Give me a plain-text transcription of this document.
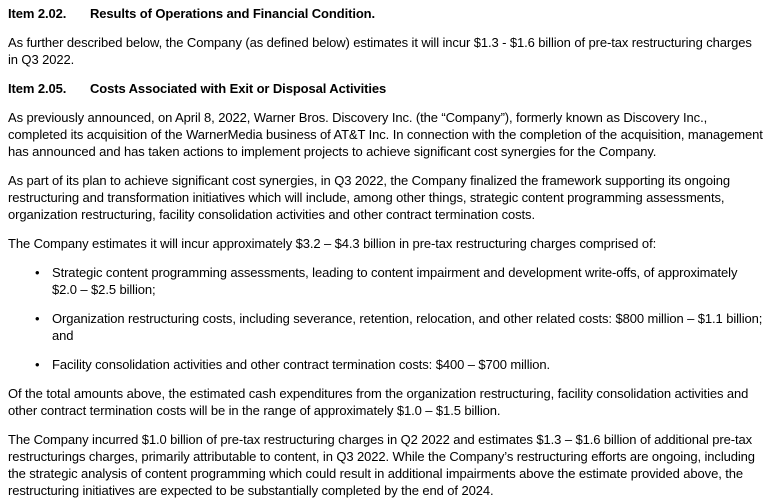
Item 2.02. Results of Operations and Financial Condition.

As further described below, the Company (as defined below) estimates it will incur $1.3 - $1.6 billion of pre-tax restructuring charges in Q3 2022.

Item 2.05. Costs Associated with Exit or Disposal Activities

As previously announced, on April 8, 2022, Warner Bros. Discovery Inc. (the “Company”), formerly known as Discovery Inc., completed its acquisition of the WarnerMedia business of AT&T Inc. In connection with the completion of the acquisition, management has announced and has taken actions to implement projects to achieve significant cost synergies for the Company.

As part of its plan to achieve significant cost synergies, in Q3 2022, the Company finalized the framework supporting its ongoing restructuring and transformation initiatives which will include, among other things, strategic content programming assessments, organization restructuring, facility consolidation activities and other contract termination costs.

The Company estimates it will incur approximately $3.2 – $4.3 billion in pre-tax restructuring charges comprised of:

• Strategic content programming assessments, leading to content impairment and development write-offs, of approximately $2.0 – $2.5 billion;
• Organization restructuring costs, including severance, retention, relocation, and other related costs: $800 million – $1.1 billion; and
• Facility consolidation activities and other contract termination costs: $400 – $700 million.

Of the total amounts above, the estimated cash expenditures from the organization restructuring, facility consolidation activities and other contract termination costs will be in the range of approximately $1.0 – $1.5 billion.

The Company incurred $1.0 billion of pre-tax restructuring charges in Q2 2022 and estimates $1.3 – $1.6 billion of additional pre-tax restructurings charges, primarily attributable to content, in Q3 2022. While the Company’s restructuring efforts are ongoing, including the strategic analysis of content programming which could result in additional impairments above the estimate provided above, the restructuring initiatives are expected to be substantially completed by the end of 2024.
